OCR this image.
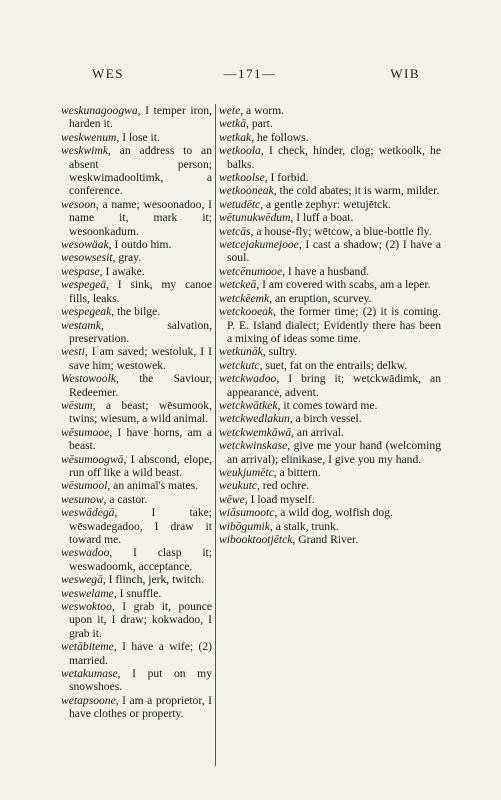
WES	—171—	WIB

weskunagoogwa, I temper iron, harden it.

weskwenum, I lose it.

weskwimk, an address to an absent person; weskwimadooltimk, a conference.

wesoon, a name; wesoonadoo, I name it, mark it; wesoonkadum.

wesowäak, I outdo him.

wesowsesit, gray.

wespase, I awake.

wespegeä, I sink, my canoe fills, leaks.

wespegeak, the bilge.

westamk, salvation, preservation.

westi, I am saved; westoluk, I I save him; westowek.

Westowoolk, the Saviour, Redeemer.

wēsum, a beast; wēsumook, twins; wiesum, a wild animal.

wēsumooe, I have horns, am a beast.

wēsumoogwā, I abscond, elope, run off like a wild beast.

wēsumool, an animal's mates.

wesunow, a castor.

weswādegā, I take; wēswadegadoo, I draw it toward me.

weswadoo, I clasp it; weswadoomk, acceptance.

weswegā, I flinch, jerk, twitch.

weswelame, I snuffle.

weswoktoo, I grab it, pounce upon it, I draw; kokwadoo, I grab it.

wetābiteme, I have a wife; (2) married.

wetakumase, I put on my snowshoes.

wetapsoone, I am a proprietor, I have clothes or property.

wete, a worm.

wetkā, part.

wetkak, he follows.

wetkoola, I check, hinder, clog; wetkoolk, he balks.

wetkoolse, I forbid.

wetkooneak, the cold abates; it is warm, milder.

wetudētc, a gentle zephyr: wetujētck.

wētunukwēdum, I luff a boat.

wetcās, a house-fly; wētcow, a blue-bottle fly.

wetcejakumejooe, I cast a shadow; (2) I have a soul.

wetcēnumooe, I have a husband.

wetckeā, I am covered with scabs, am a leper.

wetckēemk, an eruption, scurvey.

wetckooeak, the former time; (2) it is coming. P. E. Island dialect; Evidently there has been a mixing of ideas some time.

wetkunāk, sultry.

wetckutc, suet, fat on the entrails; delkw.

wetckwadoo, I bring it; wetckwādimk, an appearance, advent.

wetckwātkek, it comes toward me.

wetckwedlakun, a birch vessel.

wetckwemkāwā, an arrival.

wetckwinskase, give me your hand (welcoming an arrival); elinikase, I give you my hand.

weukjumētc, a bittern.

weukutc, red ochre.

wēwe, I load myself.

wiāsumootc, a wild dog, wolfish dog.

wibōgumik, a stalk, trunk.

wibooktootjētck, Grand River.
